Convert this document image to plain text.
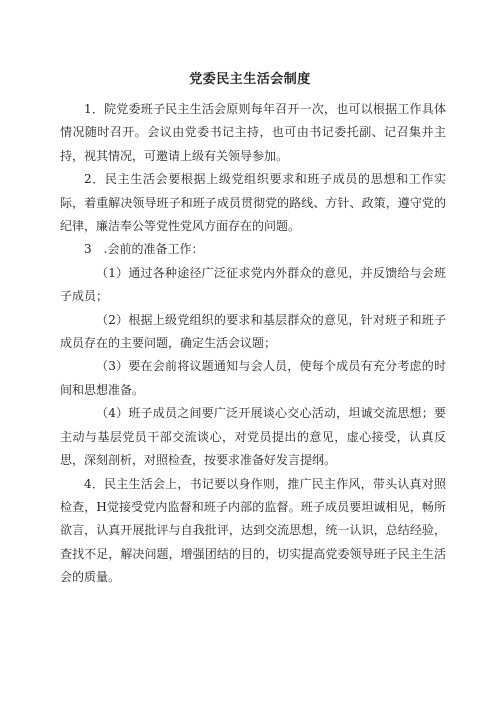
党委民主生活会制度

1．院党委班子民主生活会原则每年召开一次，也可以根据工作具体情况随时召开。会议由党委书记主持，也可由书记委托副、记召集并主持，视其情况，可邀请上级有关领导参加。

2．民主生活会要根据上级党组织要求和班子成员的思想和工作实际，着重解决领导班子和班子成员贯彻党的路线、方针、政策，遵守党的纪律，廉洁奉公等党性党风方面存在的问题。

3　.会前的准备工作：

（1）通过各种途径广泛征求党内外群众的意见，并反馈给与会班子成员；

（2）根据上级党组织的要求和基层群众的意见，针对班子和班子成员存在的主要问题，确定生活会议题；

（3）要在会前将议题通知与会人员，使每个成员有充分考虑的时间和思想准备。

（4）班子成员之间要广泛开展谈心交心活动，坦诚交流思想；要主动与基层党员干部交流谈心，对党员提出的意见，虚心接受，认真反思，深刻剖析，对照检查，按要求准备好发言提纲。

4．民主生活会上，书记要以身作则，推广民主作风，带头认真对照检查，H觉接受党内监督和班子内部的监督。班子成员要坦诚相见，畅所欲言，认真开展批评与自我批评，达到交流思想，统一认识，总结经验，查找不足，解决问题，增强团结的目的，切实提高党委领导班子民主生活会的质量。
